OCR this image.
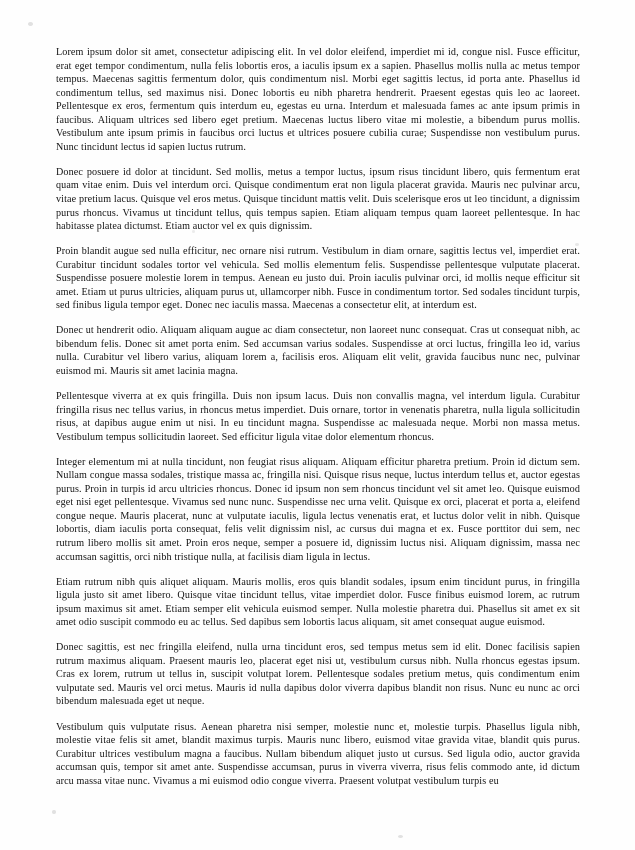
Lorem ipsum dolor sit amet, consectetur adipiscing elit. In vel dolor eleifend, imperdiet mi id, congue nisl. Fusce efficitur, erat eget tempor condimentum, nulla felis lobortis eros, a iaculis ipsum ex a sapien. Phasellus mollis nulla ac metus tempor tempus. Maecenas sagittis fermentum dolor, quis condimentum nisl. Morbi eget sagittis lectus, id porta ante. Phasellus id condimentum tellus, sed maximus nisi. Donec lobortis eu nibh pharetra hendrerit. Praesent egestas quis leo ac laoreet. Pellentesque ex eros, fermentum quis interdum eu, egestas eu urna. Interdum et malesuada fames ac ante ipsum primis in faucibus. Aliquam ultrices sed libero eget pretium. Maecenas luctus libero vitae mi molestie, a bibendum purus mollis. Vestibulum ante ipsum primis in faucibus orci luctus et ultrices posuere cubilia curae; Suspendisse non vestibulum purus. Nunc tincidunt lectus id sapien luctus rutrum.

Donec posuere id dolor at tincidunt. Sed mollis, metus a tempor luctus, ipsum risus tincidunt libero, quis fermentum erat quam vitae enim. Duis vel interdum orci. Quisque condimentum erat non ligula placerat gravida. Mauris nec pulvinar arcu, vitae pretium lacus. Quisque vel eros metus. Quisque tincidunt mattis velit. Duis scelerisque eros ut leo tincidunt, a dignissim purus rhoncus. Vivamus ut tincidunt tellus, quis tempus sapien. Etiam aliquam tempus quam laoreet pellentesque. In hac habitasse platea dictumst. Etiam auctor vel ex quis dignissim.

Proin blandit augue sed nulla efficitur, nec ornare nisi rutrum. Vestibulum in diam ornare, sagittis lectus vel, imperdiet erat. Curabitur tincidunt sodales tortor vel vehicula. Sed mollis elementum felis. Suspendisse pellentesque vulputate placerat. Suspendisse posuere molestie lorem in tempus. Aenean eu justo dui. Proin iaculis pulvinar orci, id mollis neque efficitur sit amet. Etiam ut purus ultricies, aliquam purus ut, ullamcorper nibh. Fusce in condimentum tortor. Sed sodales tincidunt turpis, sed finibus ligula tempor eget. Donec nec iaculis massa. Maecenas a consectetur elit, at interdum est.

Donec ut hendrerit odio. Aliquam aliquam augue ac diam consectetur, non laoreet nunc consequat. Cras ut consequat nibh, ac bibendum felis. Donec sit amet porta enim. Sed accumsan varius sodales. Suspendisse at orci luctus, fringilla leo id, varius nulla. Curabitur vel libero varius, aliquam lorem a, facilisis eros. Aliquam elit velit, gravida faucibus nunc nec, pulvinar euismod mi. Mauris sit amet lacinia magna.

Pellentesque viverra at ex quis fringilla. Duis non ipsum lacus. Duis non convallis magna, vel interdum ligula. Curabitur fringilla risus nec tellus varius, in rhoncus metus imperdiet. Duis ornare, tortor in venenatis pharetra, nulla ligula sollicitudin risus, at dapibus augue enim ut nisi. In eu tincidunt magna. Suspendisse ac malesuada neque. Morbi non massa metus. Vestibulum tempus sollicitudin laoreet. Sed efficitur ligula vitae dolor elementum rhoncus.

Integer elementum mi at nulla tincidunt, non feugiat risus aliquam. Aliquam efficitur pharetra pretium. Proin id dictum sem. Nullam congue massa sodales, tristique massa ac, fringilla nisi. Quisque risus neque, luctus interdum tellus et, auctor egestas purus. Proin in turpis id arcu ultricies rhoncus. Donec id ipsum non sem rhoncus tincidunt vel sit amet leo. Quisque euismod eget nisi eget pellentesque. Vivamus sed nunc nunc. Suspendisse nec urna velit. Quisque ex orci, placerat et porta a, eleifend congue neque. Mauris placerat, nunc at vulputate iaculis, ligula lectus venenatis erat, et luctus dolor velit in nibh. Quisque lobortis, diam iaculis porta consequat, felis velit dignissim nisl, ac cursus dui magna et ex. Fusce porttitor dui sem, nec rutrum libero mollis sit amet. Proin eros neque, semper a posuere id, dignissim luctus nisi. Aliquam dignissim, massa nec accumsan sagittis, orci nibh tristique nulla, at facilisis diam ligula in lectus.

Etiam rutrum nibh quis aliquet aliquam. Mauris mollis, eros quis blandit sodales, ipsum enim tincidunt purus, in fringilla ligula justo sit amet libero. Quisque vitae tincidunt tellus, vitae imperdiet dolor. Fusce finibus euismod lorem, ac rutrum ipsum maximus sit amet. Etiam semper elit vehicula euismod semper. Nulla molestie pharetra dui. Phasellus sit amet ex sit amet odio suscipit commodo eu ac tellus. Sed dapibus sem lobortis lacus aliquam, sit amet consequat augue euismod.

Donec sagittis, est nec fringilla eleifend, nulla urna tincidunt eros, sed tempus metus sem id elit. Donec facilisis sapien rutrum maximus aliquam. Praesent mauris leo, placerat eget nisi ut, vestibulum cursus nibh. Nulla rhoncus egestas ipsum. Cras ex lorem, rutrum ut tellus in, suscipit volutpat lorem. Pellentesque sodales pretium metus, quis condimentum enim vulputate sed. Mauris vel orci metus. Mauris id nulla dapibus dolor viverra dapibus blandit non risus. Nunc eu nunc ac orci bibendum malesuada eget ut neque.

Vestibulum quis vulputate risus. Aenean pharetra nisi semper, molestie nunc et, molestie turpis. Phasellus ligula nibh, molestie vitae felis sit amet, blandit maximus turpis. Mauris nunc libero, euismod vitae gravida vitae, blandit quis purus. Curabitur ultrices vestibulum magna a faucibus. Nullam bibendum aliquet justo ut cursus. Sed ligula odio, auctor gravida accumsan quis, tempor sit amet ante. Suspendisse accumsan, purus in viverra viverra, risus felis commodo ante, id dictum arcu massa vitae nunc. Vivamus a mi euismod odio congue viverra. Praesent volutpat vestibulum turpis eu
